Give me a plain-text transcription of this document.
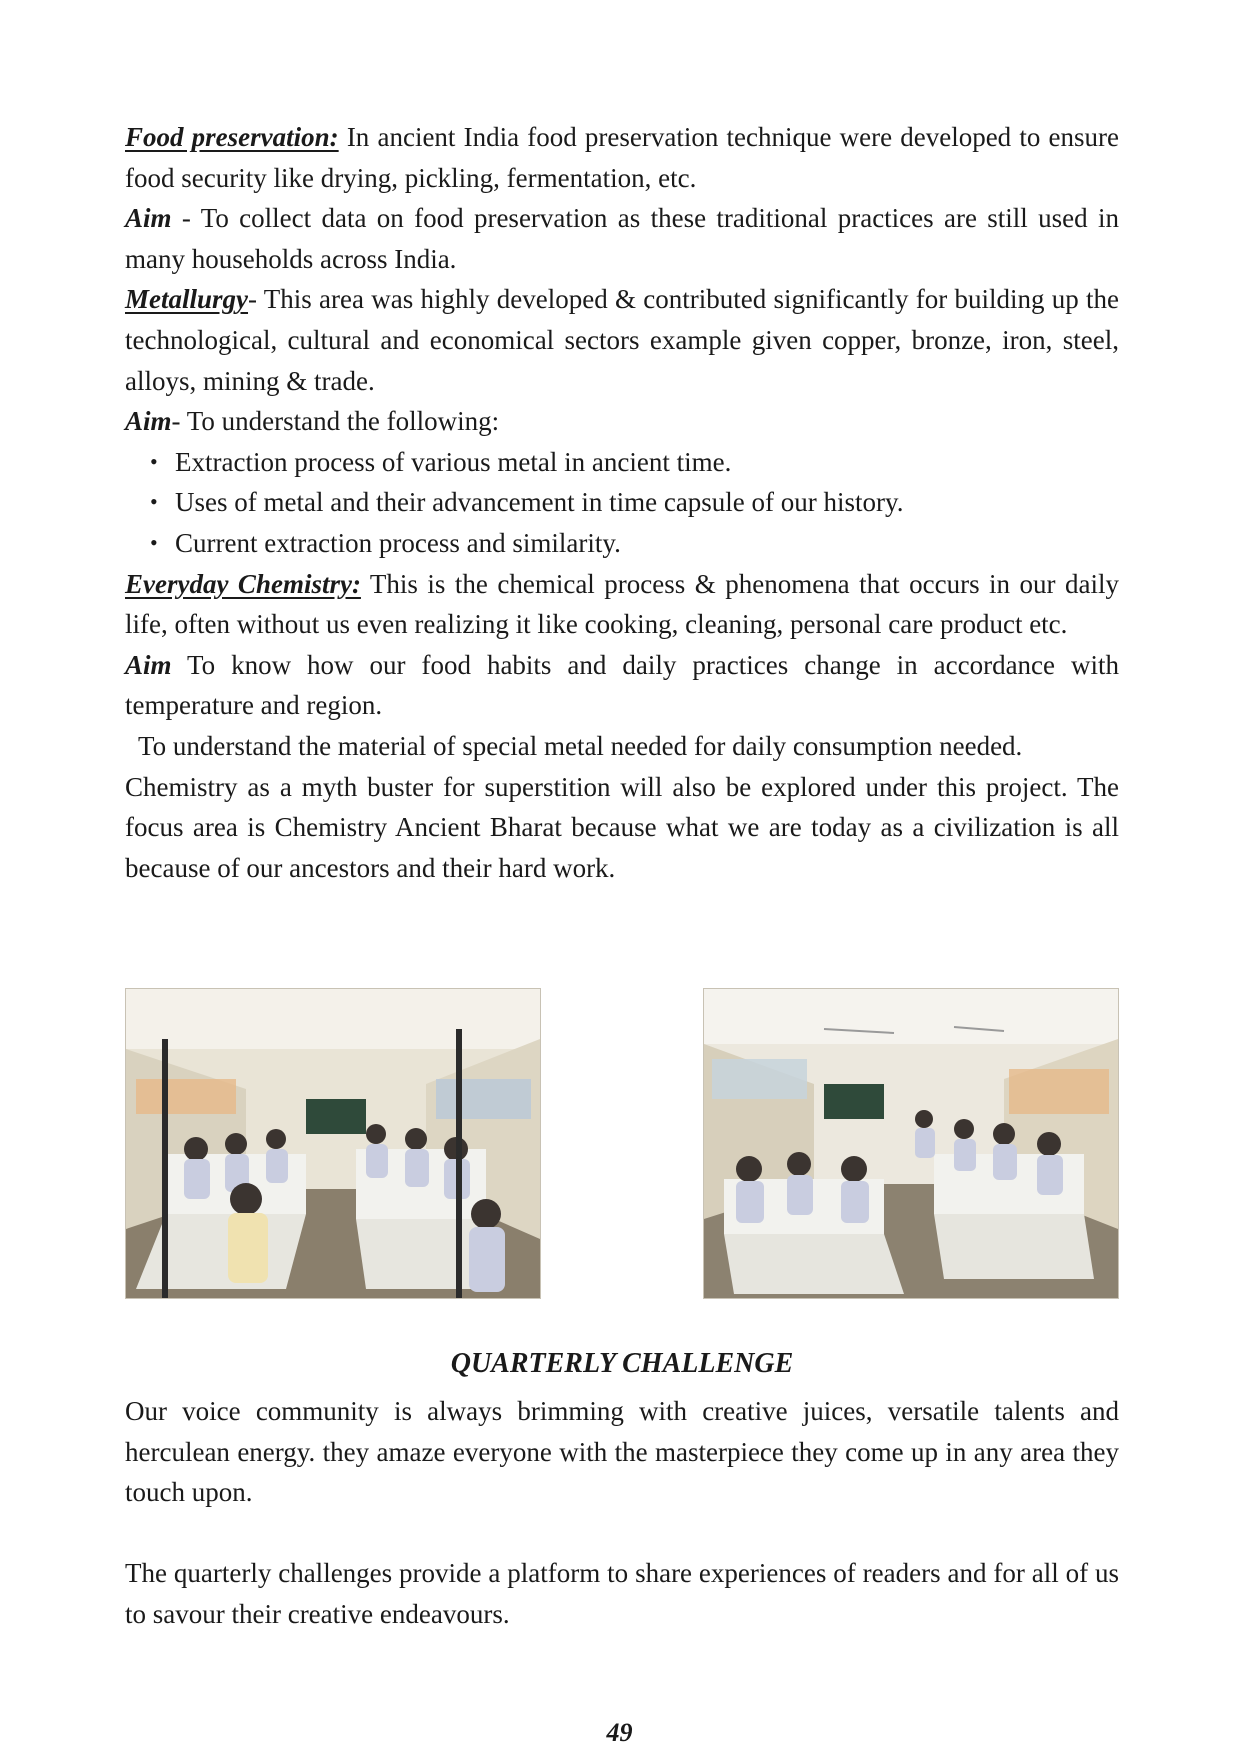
Food preservation: In ancient India food preservation technique were developed to ensure food security like drying, pickling, fermentation, etc.

Aim - To collect data on food preservation as these traditional practices are still used in many households across India.

Metallurgy- This area was highly developed & contributed significantly for building up the technological, cultural and economical sectors example given copper, bronze, iron, steel, alloys, mining & trade.

Aim- To understand the following:

• Extraction process of various metal in ancient time.
• Uses of metal and their advancement in time capsule of our history.
• Current extraction process and similarity.

Everyday Chemistry: This is the chemical process & phenomena that occurs in our daily life, often without us even realizing it like cooking, cleaning, personal care product etc.

Aim To know how our food habits and daily practices change in accordance with temperature and region.

To understand the material of special metal needed for daily consumption needed.

Chemistry as a myth buster for superstition will also be explored under this project. The focus area is Chemistry Ancient Bharat because what we are today as a civilization is all because of our ancestors and their hard work.

QUARTERLY CHALLENGE

Our voice community is always brimming with creative juices, versatile talents and herculean energy. they amaze everyone with the masterpiece they come up in any area they touch upon.

The quarterly challenges provide a platform to share experiences of readers and for all of us to savour their creative endeavours.

49
